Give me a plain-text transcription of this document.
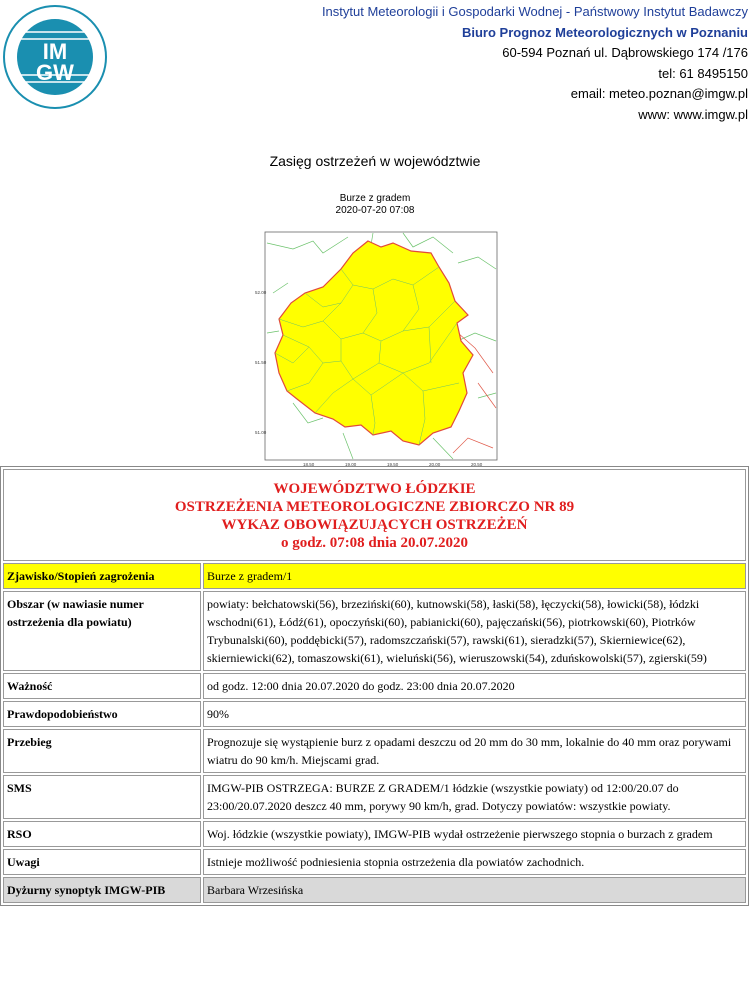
IM
GW
Instytut Meteorologii i Gospodarki Wodnej - Państwowy Instytut Badawczy
Biuro Prognoz Meteorologicznych w Poznaniu
60-594 Poznań ul. Dąbrowskiego 174 /176
tel: 61 8495150
email: meteo.poznan@imgw.pl
www: www.imgw.pl
Zasięg ostrzeżeń w województwie
Burze z gradem
2020-07-20 07:08
52.00
51.50
51.00
18.50	19.00	19.50	20.00	20.50
WOJEWÓDZTWO ŁÓDZKIE
OSTRZEŻENIA METEOROLOGICZNE ZBIORCZO NR 89
WYKAZ OBOWIĄZUJĄCYCH OSTRZEŻEŃ
o godz. 07:08 dnia 20.07.2020	

Zjawisko/Stopień zagrożenia	Burze z gradem/1
Obszar (w nawiasie numer ostrzeżenia dla powiatu)	powiaty: bełchatowski(56), brzeziński(60), kutnowski(58), łaski(58), łęczycki(58), łowicki(58), łódzki wschodni(61), Łódź(61), opoczyński(60), pabianicki(60), pajęczański(56), piotrkowski(60), Piotrków Trybunalski(60), poddębicki(57), radomszczański(57), rawski(61), sieradzki(57), Skierniewice(62), skierniewicki(62), tomaszowski(61), wieluński(56), wieruszowski(54), zduńskowolski(57), zgierski(59)
Ważność	od godz. 12:00 dnia 20.07.2020 do godz. 23:00 dnia 20.07.2020
Prawdopodobieństwo	90%
Przebieg	Prognozuje się wystąpienie burz z opadami deszczu od 20 mm do 30 mm, lokalnie do 40 mm oraz porywami wiatru do 90 km/h. Miejscami grad.
SMS	IMGW-PIB OSTRZEGA: BURZE Z GRADEM/1 łódzkie (wszystkie powiaty) od 12:00/20.07 do 23:00/20.07.2020 deszcz 40 mm, porywy 90 km/h, grad. Dotyczy powiatów: wszystkie powiaty.
RSO	Woj. łódzkie (wszystkie powiaty), IMGW-PIB wydał ostrzeżenie pierwszego stopnia o burzach z gradem
Uwagi	Istnieje możliwość podniesienia stopnia ostrzeżenia dla powiatów zachodnich.
Dyżurny synoptyk IMGW-PIB	Barbara Wrzesińska
